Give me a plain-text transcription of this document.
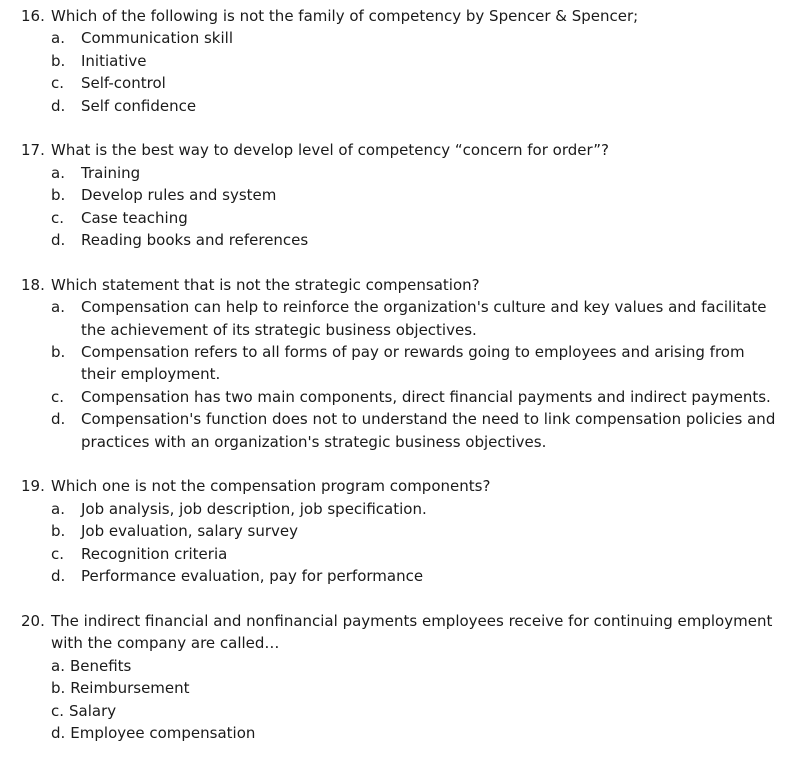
16. Which of the following is not the family of competency by Spencer & Spencer;
a.	Communication skill
b.	Initiative
c.	Self-control
d.	Self confidence
17. What is the best way to develop level of competency “concern for order”?
a.	Training
b.	Develop rules and system
c.	Case teaching
d.	Reading books and references
18. Which statement that is not the strategic compensation?
a.	Compensation can help to reinforce the organization's culture and key values and facilitate the achievement of its strategic business objectives.
b.	Compensation refers to all forms of pay or rewards going to employees and arising from their employment.
c.	Compensation has two main components, direct financial payments and indirect payments.
d.	Compensation's function does not to understand the need to link compensation policies and practices with an organization's strategic business objectives.
19. Which one is not the compensation program components?
a.	Job analysis, job description, job specification.
b.	Job evaluation, salary survey
c.	Recognition criteria
d.	Performance evaluation, pay for performance
20. The indirect financial and nonfinancial payments employees receive for continuing employment with the company are called…
a. Benefits
b. Reimbursement
c. Salary
d. Employee compensation
